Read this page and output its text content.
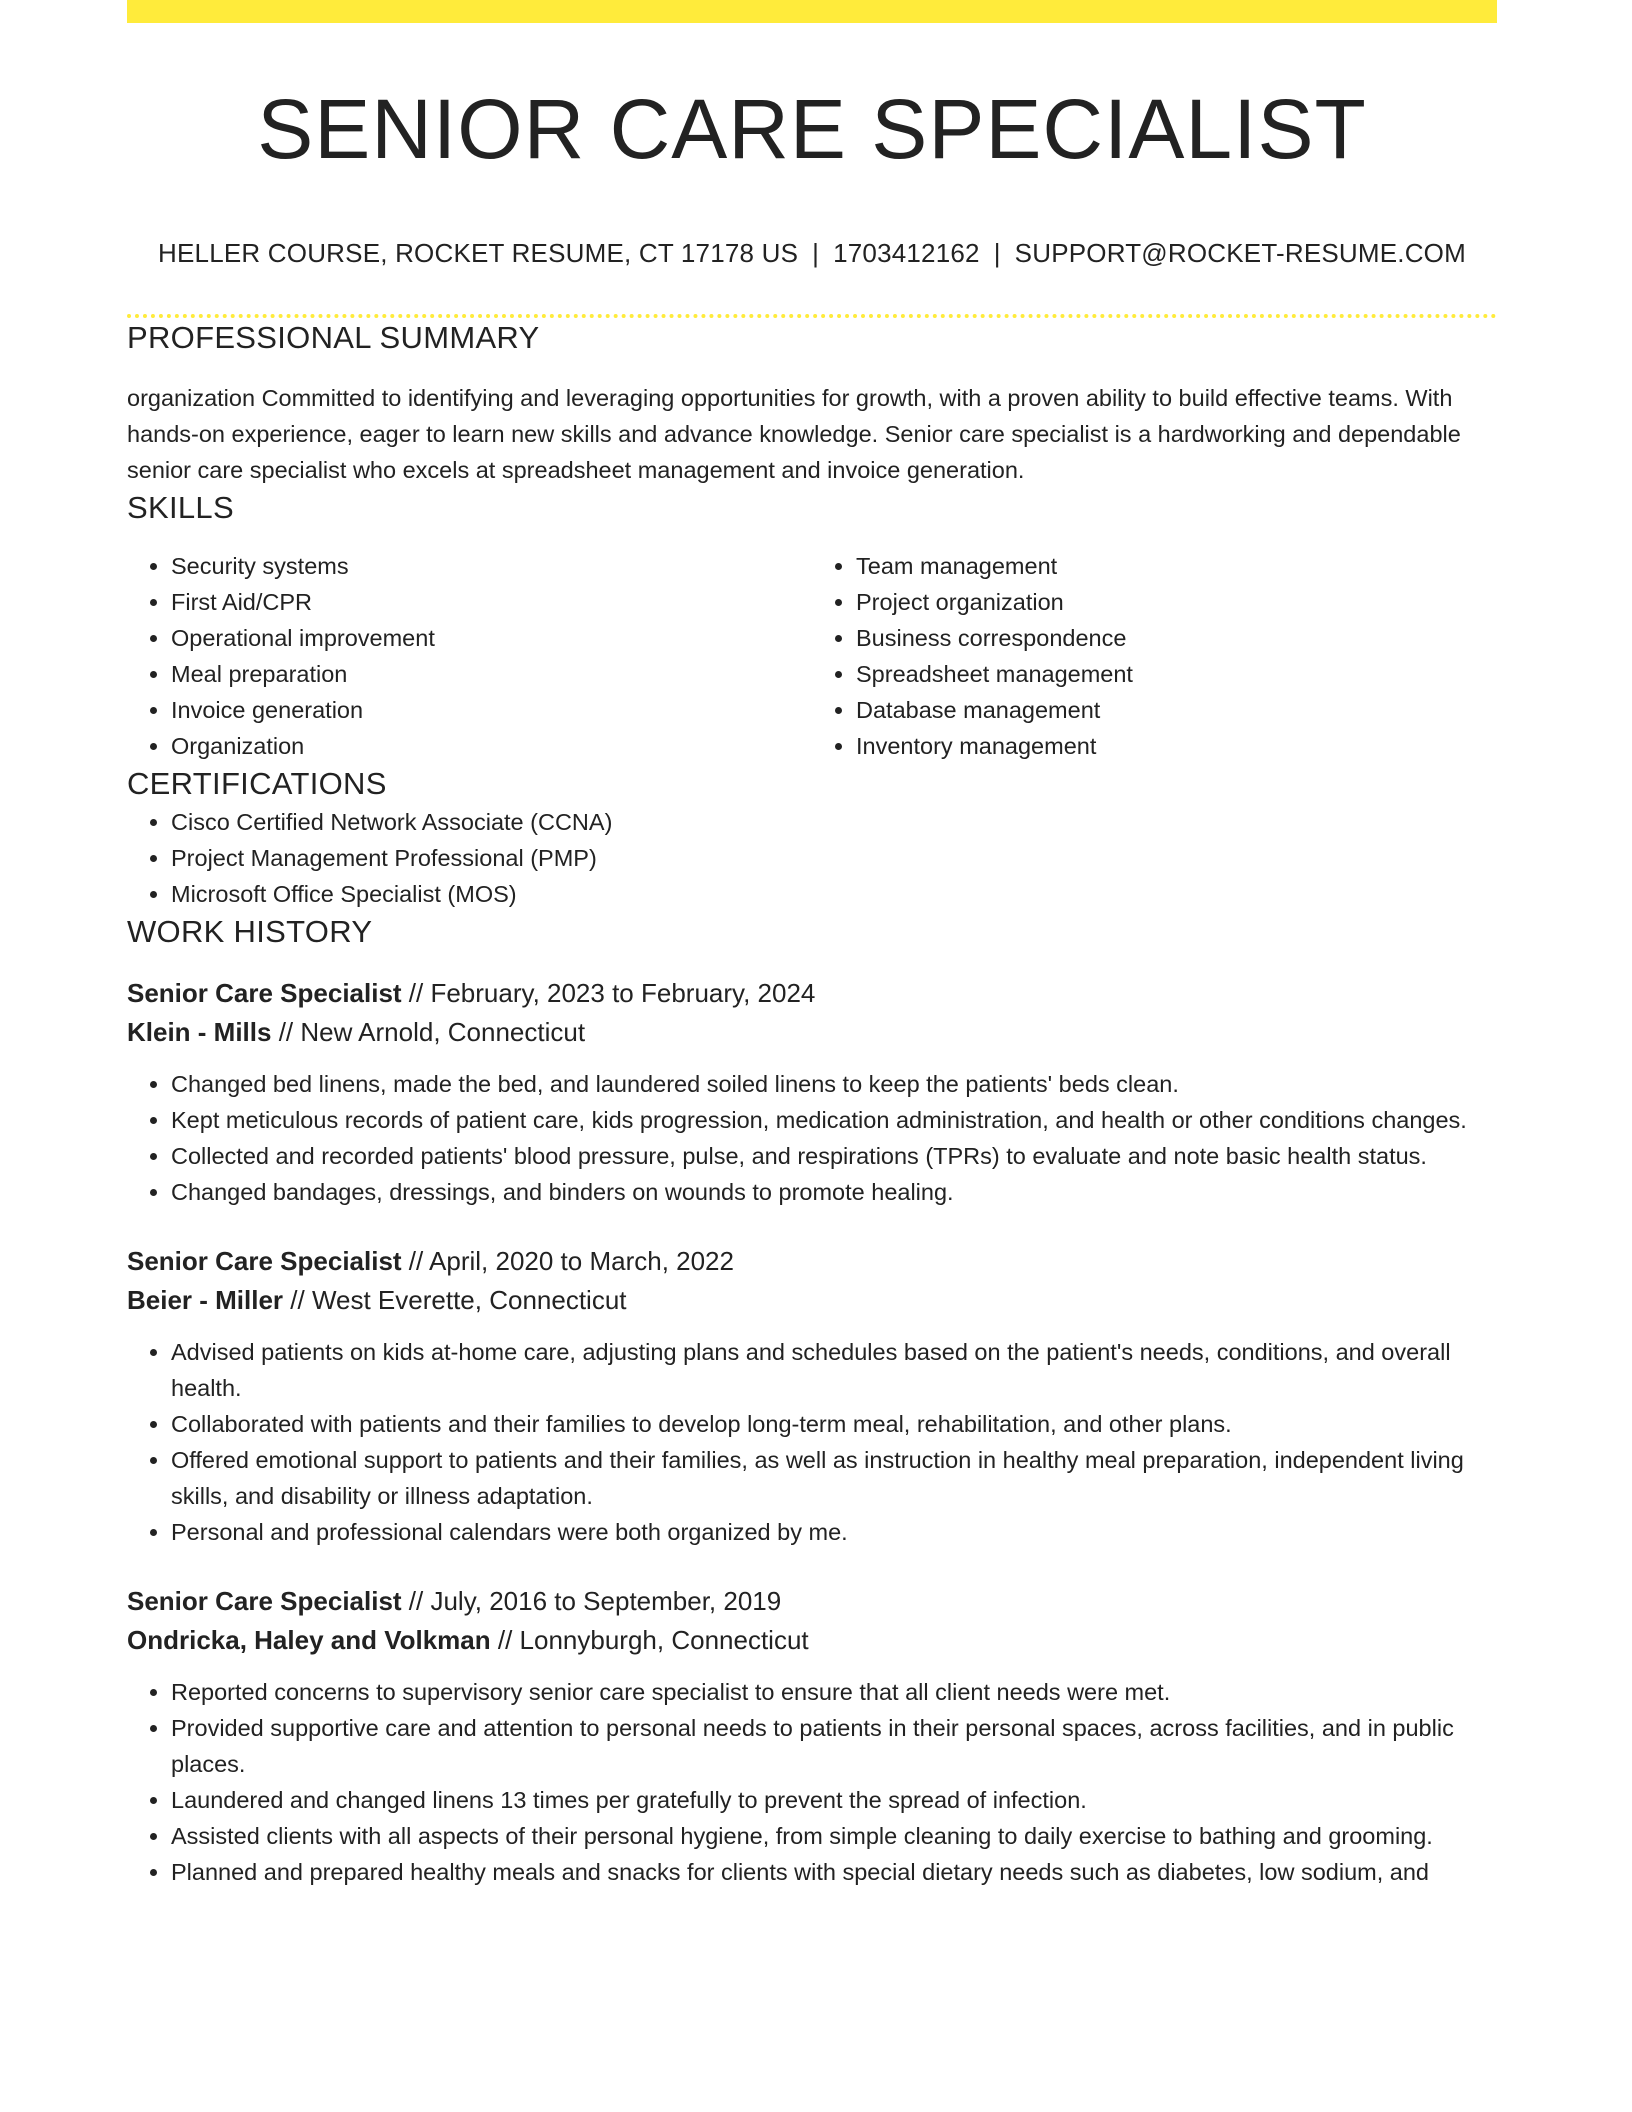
SENIOR CARE SPECIALIST
HELLER COURSE, ROCKET RESUME, CT 17178 US | 1703412162 | SUPPORT@ROCKET-RESUME.COM
PROFESSIONAL SUMMARY
organization Committed to identifying and leveraging opportunities for growth, with a proven ability to build effective teams. With hands-on experience, eager to learn new skills and advance knowledge. Senior care specialist is a hardworking and dependable senior care specialist who excels at spreadsheet management and invoice generation.
SKILLS
• Security systems
• First Aid/CPR
• Operational improvement
• Meal preparation
• Invoice generation
• Organization
• Team management
• Project organization
• Business correspondence
• Spreadsheet management
• Database management
• Inventory management
CERTIFICATIONS
• Cisco Certified Network Associate (CCNA)
• Project Management Professional (PMP)
• Microsoft Office Specialist (MOS)
WORK HISTORY
Senior Care Specialist // February, 2023 to February, 2024
Klein - Mills // New Arnold, Connecticut
• Changed bed linens, made the bed, and laundered soiled linens to keep the patients' beds clean.
• Kept meticulous records of patient care, kids progression, medication administration, and health or other conditions changes.
• Collected and recorded patients' blood pressure, pulse, and respirations (TPRs) to evaluate and note basic health status.
• Changed bandages, dressings, and binders on wounds to promote healing.
Senior Care Specialist // April, 2020 to March, 2022
Beier - Miller // West Everette, Connecticut
• Advised patients on kids at-home care, adjusting plans and schedules based on the patient's needs, conditions, and overall health.
• Collaborated with patients and their families to develop long-term meal, rehabilitation, and other plans.
• Offered emotional support to patients and their families, as well as instruction in healthy meal preparation, independent living skills, and disability or illness adaptation.
• Personal and professional calendars were both organized by me.
Senior Care Specialist // July, 2016 to September, 2019
Ondricka, Haley and Volkman // Lonnyburgh, Connecticut
• Reported concerns to supervisory senior care specialist to ensure that all client needs were met.
• Provided supportive care and attention to personal needs to patients in their personal spaces, across facilities, and in public places.
• Laundered and changed linens 13 times per gratefully to prevent the spread of infection.
• Assisted clients with all aspects of their personal hygiene, from simple cleaning to daily exercise to bathing and grooming.
• Planned and prepared healthy meals and snacks for clients with special dietary needs such as diabetes, low sodium, and
